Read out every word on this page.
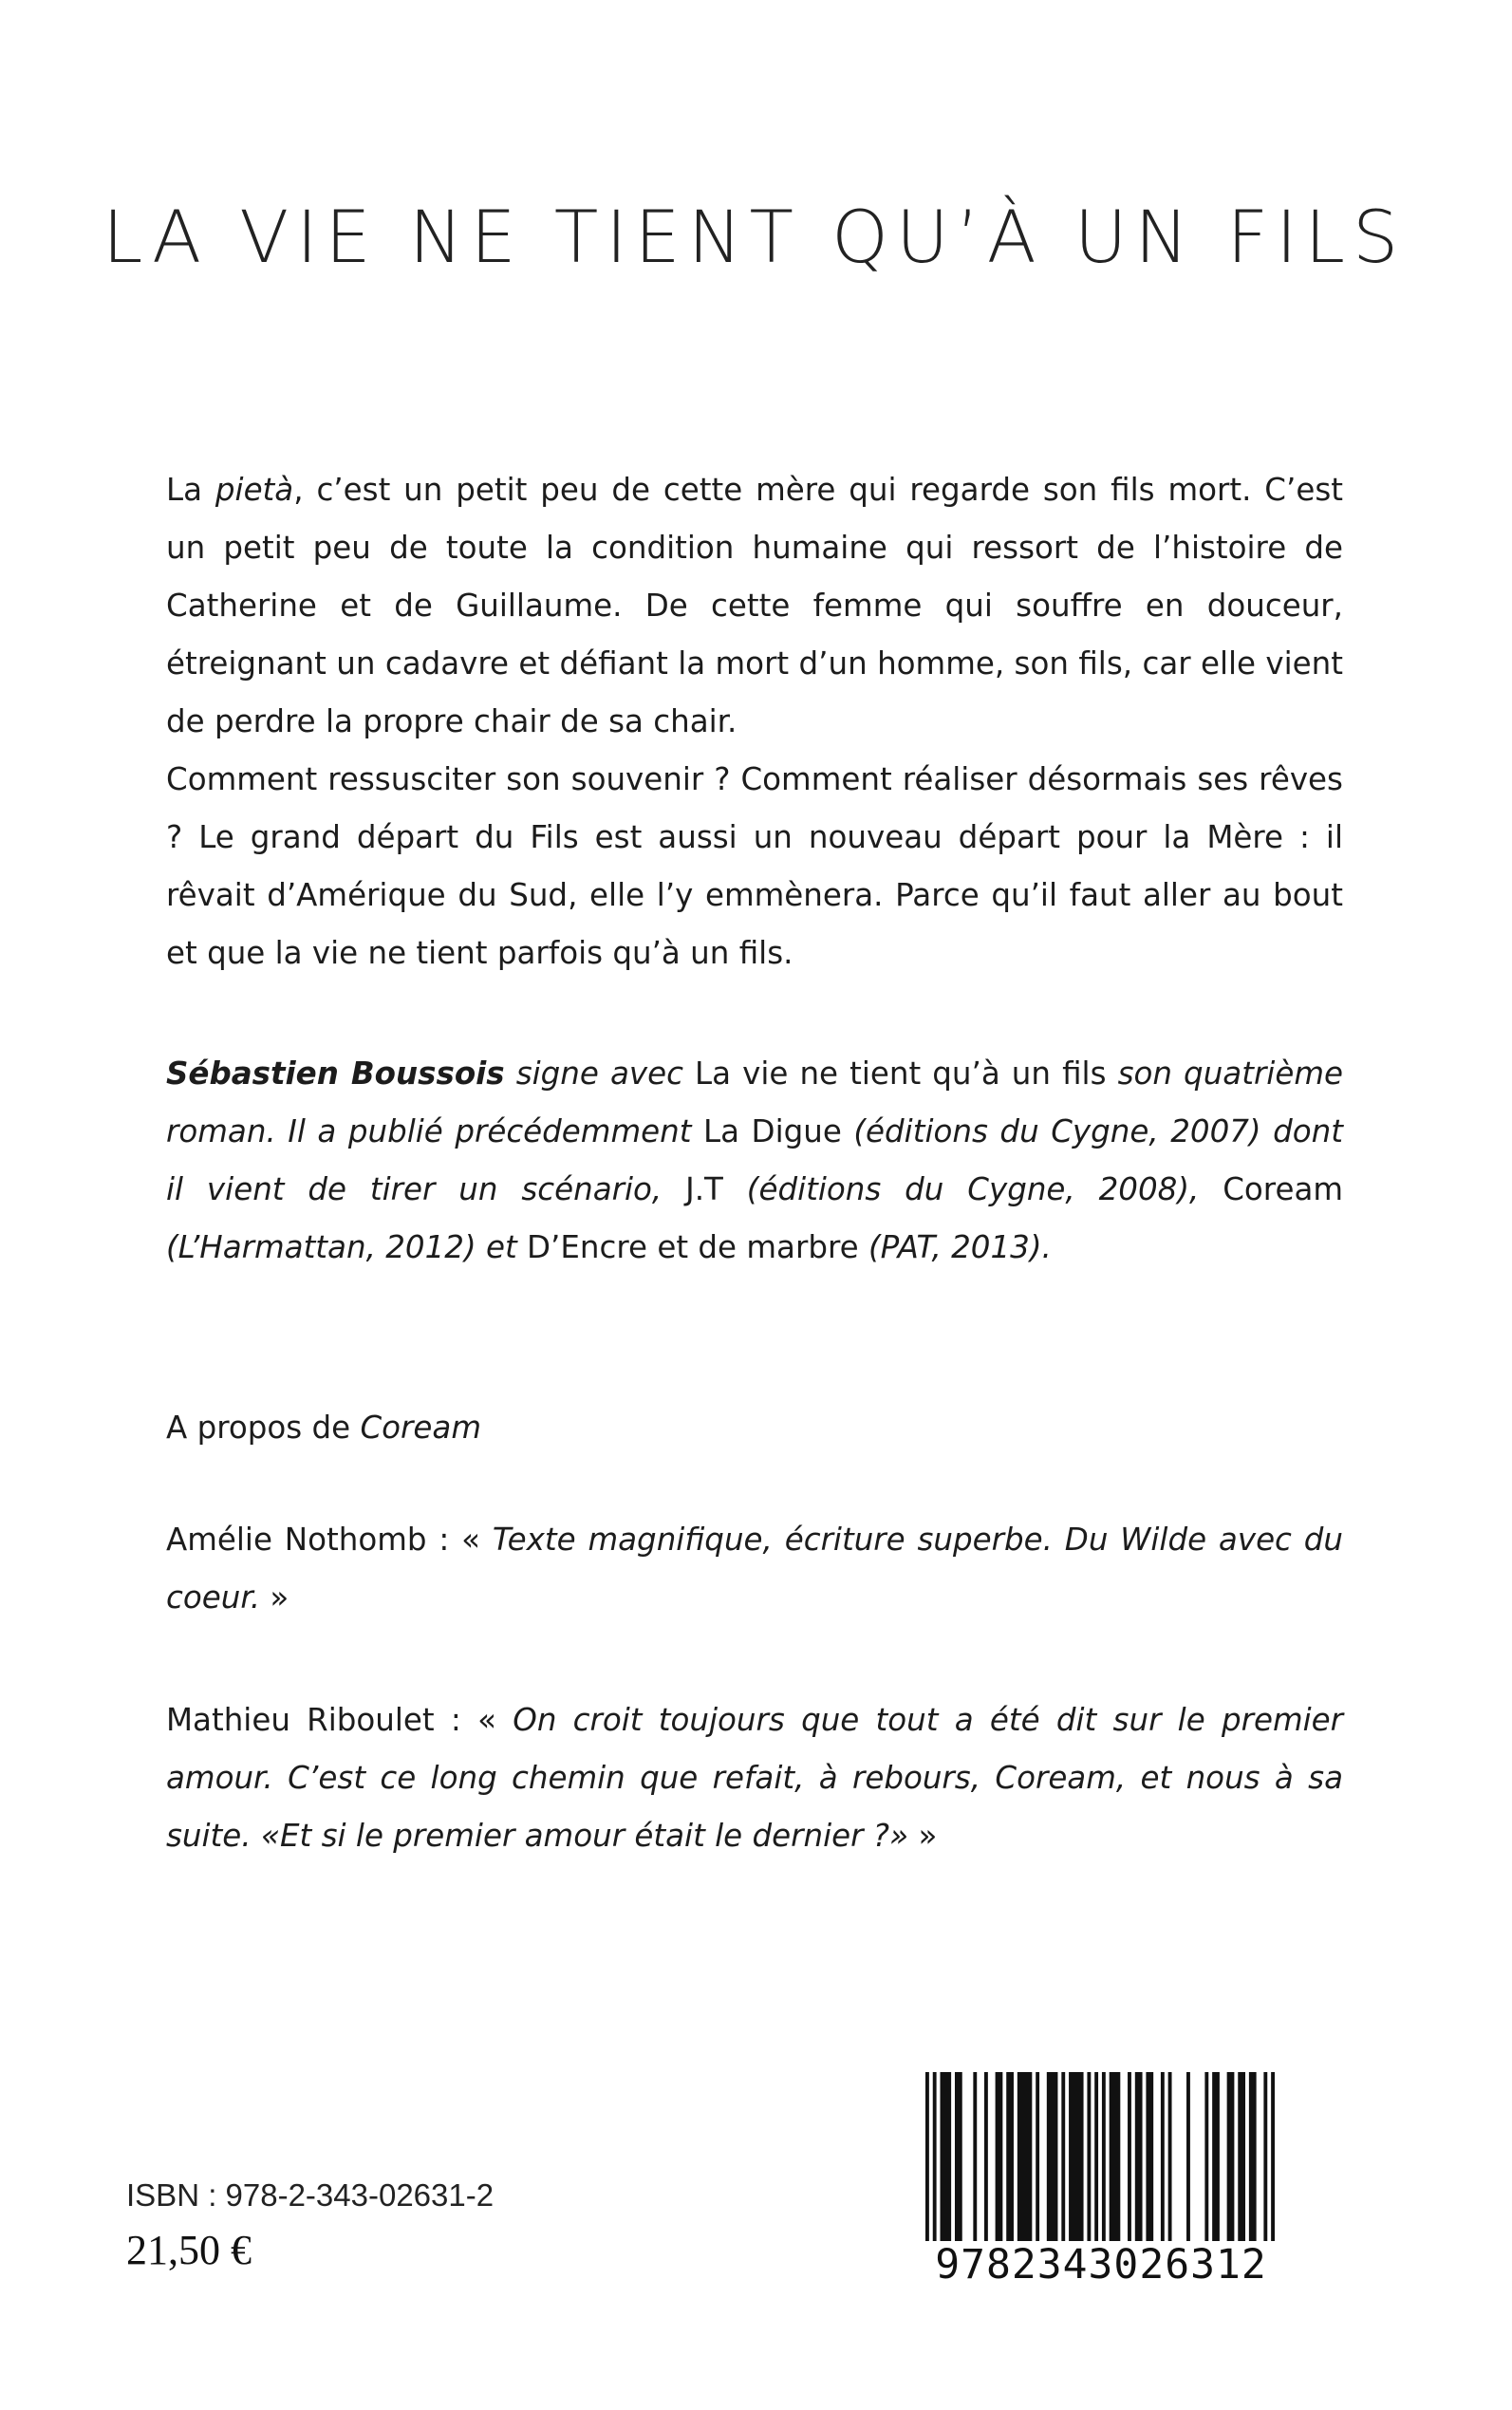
LA VIE NE TIENT QU’À UN FILS

La pietà, c’est un petit peu de cette mère qui regarde son fils mort. C’est un petit peu de toute la condition humaine qui ressort de l’histoire de Catherine et de Guillaume. De cette femme qui souffre en douceur, étreignant un cadavre et défiant la mort d’un homme, son fils, car elle vient de perdre la propre chair de sa chair.

Comment ressusciter son souvenir ? Comment réaliser désormais ses rêves ? Le grand départ du Fils est aussi un nouveau départ pour la Mère : il rêvait d’Amérique du Sud, elle l’y emmènera. Parce qu’il faut aller au bout et que la vie ne tient parfois qu’à un fils.

Sébastien Boussois signe avec La vie ne tient qu’à un fils son quatrième roman. Il a publié précédemment La Digue (éditions du Cygne, 2007) dont il vient de tirer un scénario, J.T (éditions du Cygne, 2008), Coream (L’Harmattan, 2012) et D’Encre et de marbre (PAT, 2013).

A propos de Coream

Amélie Nothomb : « Texte magnifique, écriture superbe. Du Wilde avec du coeur. »

Mathieu Riboulet : « On croit toujours que tout a été dit sur le premier amour. C’est ce long chemin que refait, à rebours, Coream, et nous à sa suite. «Et si le premier amour était le dernier ?» »

ISBN : 978-2-343-02631-2
21,50 €	9782343026312
